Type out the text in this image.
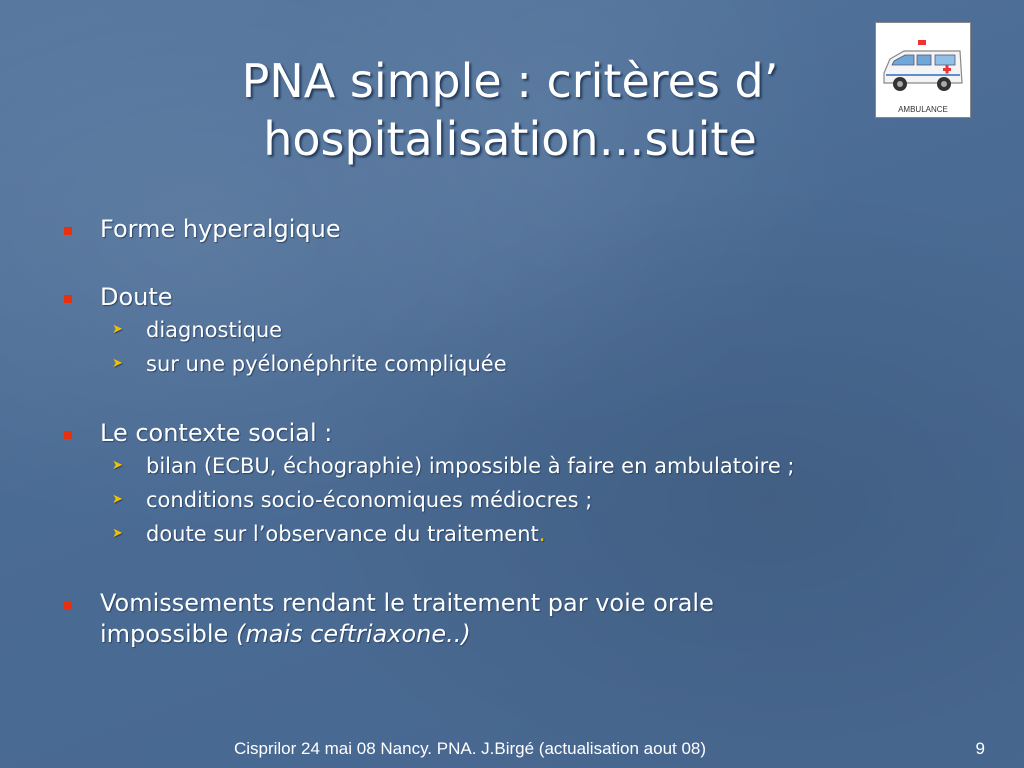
PNA simple : critères d’
hospitalisation…suite
AMBULANCE
Forme hyperalgique
Doute
➤ diagnostique
➤ sur une pyélonéphrite compliquée
Le contexte social :
➤ bilan (ECBU, échographie) impossible à faire en ambulatoire ;
➤ conditions socio-économiques médiocres ;
➤ doute sur l’observance du traitement.
Vomissements rendant le traitement par voie orale
impossible (mais ceftriaxone..)
Cisprilor 24 mai 08 Nancy. PNA. J.Birgé (actualisation aout 08)	9
